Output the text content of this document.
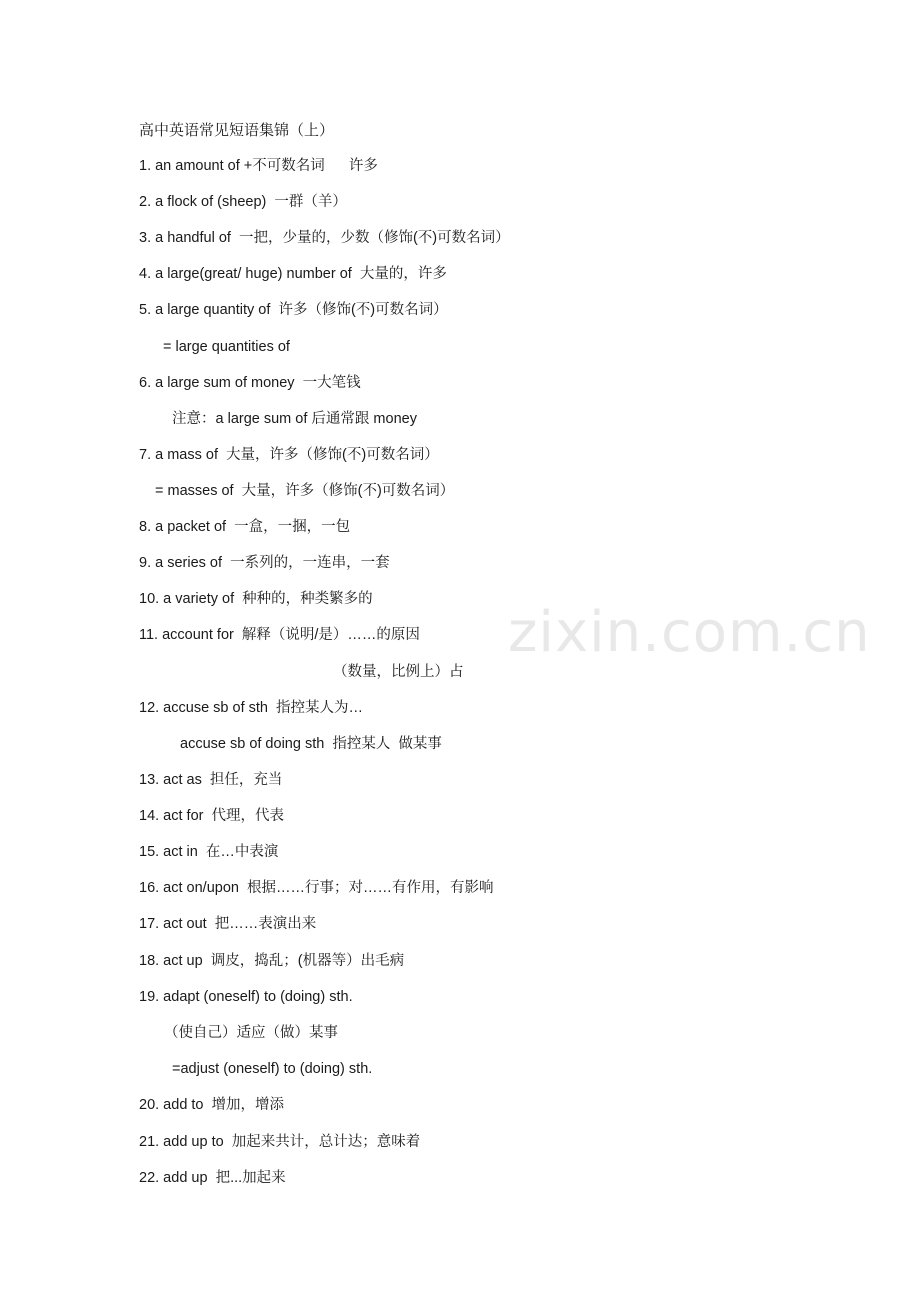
高中英语常见短语集锦（上）
1. an amount of +不可数名词      许多
2. a flock of (sheep)  一群（羊）
3. a handful of  一把，少量的，少数（修饰(不)可数名词）
4. a large(great/ huge) number of  大量的，许多
5. a large quantity of  许多（修饰(不)可数名词）
= large quantities of
6. a large sum of money  一大笔钱
注意：a large sum of 后通常跟 money
7. a mass of  大量，许多（修饰(不)可数名词）
= masses of  大量，许多（修饰(不)可数名词）
8. a packet of  一盒，一捆，一包
9. a series of  一系列的，一连串，一套
10. a variety of  种种的，种类繁多的
11. account for  解释（说明/是）……的原因
（数量，比例上）占
12. accuse sb of sth  指控某人为…
accuse sb of doing sth  指控某人  做某事
13. act as  担任，充当
14. act for  代理，代表
15. act in  在…中表演
16. act on/upon  根据……行事；对……有作用，有影响
17. act out  把……表演出来
18. act up  调皮，捣乱；(机器等）出毛病
19. adapt (oneself) to (doing) sth.
（使自己）适应（做）某事
=adjust (oneself) to (doing) sth.
20. add to  增加，增添
21. add up to  加起来共计，总计达；意味着
22. add up  把...加起来
zixin.com.cn
